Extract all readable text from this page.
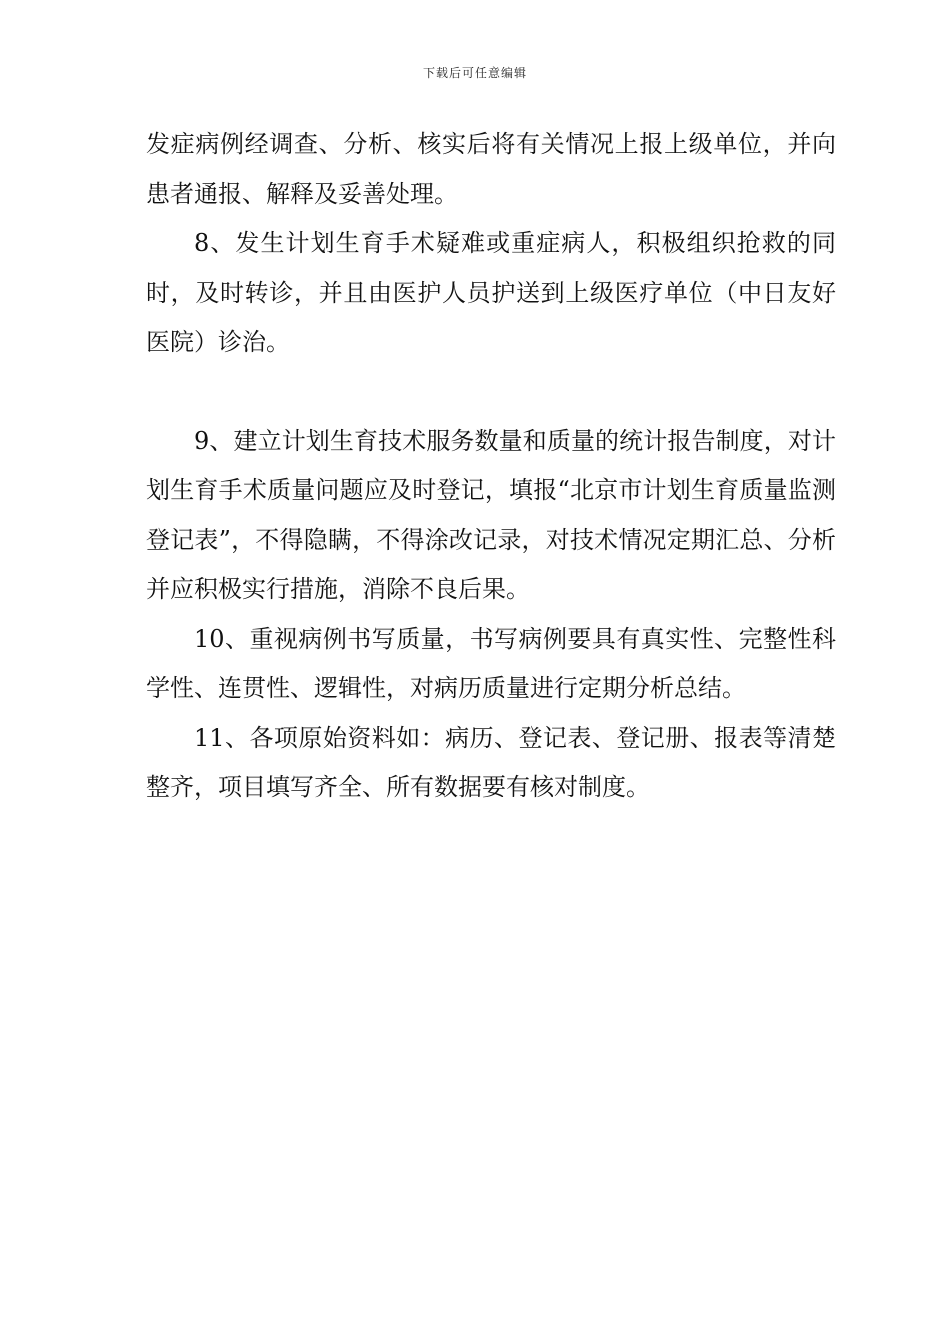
下载后可任意编辑

发症病例经调查、分析、核实后将有关情况上报上级单位，并向患者通报、解释及妥善处理。

8、发生计划生育手术疑难或重症病人，积极组织抢救的同时，及时转诊，并且由医护人员护送到上级医疗单位（中日友好医院）诊治。

9、建立计划生育技术服务数量和质量的统计报告制度，对计划生育手术质量问题应及时登记，填报“北京市计划生育质量监测登记表”，不得隐瞒，不得涂改记录，对技术情况定期汇总、分析并应积极实行措施，消除不良后果。

10、重视病例书写质量，书写病例要具有真实性、完整性科学性、连贯性、逻辑性，对病历质量进行定期分析总结。

11、各项原始资料如：病历、登记表、登记册、报表等清楚整齐，项目填写齐全、所有数据要有核对制度。
